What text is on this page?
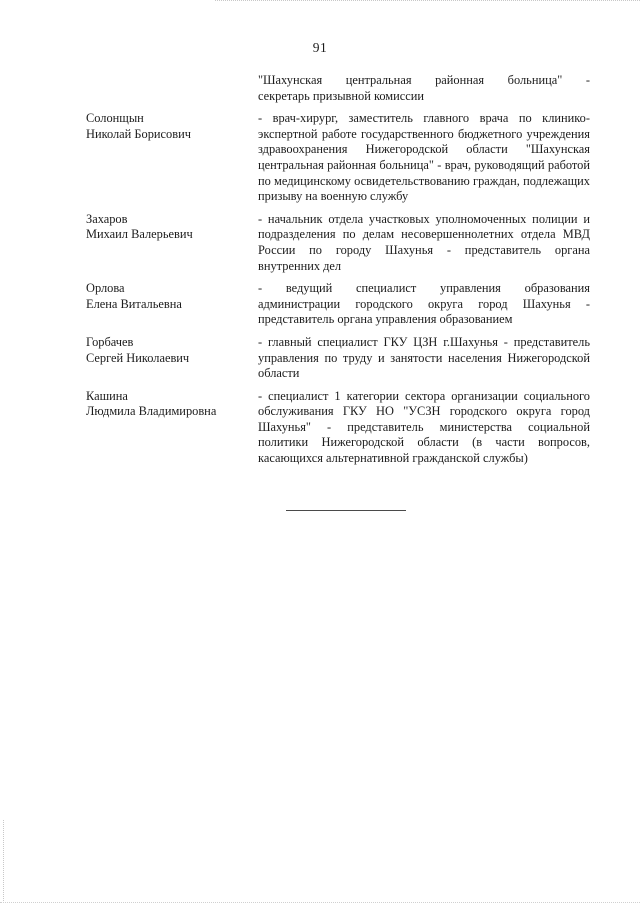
91
"Шахунская центральная районная больница" -
секретарь призывной комиссии
Солонщын
Николай Борисович
- врач-хирург, заместитель главного врача по клинико-экспертной работе государственного бюджетного учреждения здравоохранения Нижегородской области "Шахунская центральная районная больница" - врач, руководящий работой по медицинскому освидетельствованию граждан, подлежащих призыву на военную службу
Захаров
Михаил Валерьевич
- начальник отдела участковых уполномоченных полиции и подразделения по делам несовершеннолетних отдела МВД России по городу Шахунья - представитель органа внутренних дел
Орлова
Елена Витальевна
- ведущий специалист управления образования администрации городского округа город Шахунья - представитель органа управления образованием
Горбачев
Сергей Николаевич
- главный специалист ГКУ ЦЗН г.Шахунья - представитель управления по труду и занятости населения Нижегородской области
Кашина
Людмила Владимировна
- специалист 1 категории сектора организации социального обслуживания ГКУ НО "УСЗН городского округа город Шахунья" - представитель министерства социальной политики Нижегородской области (в части вопросов, касающихся альтернативной гражданской службы)
